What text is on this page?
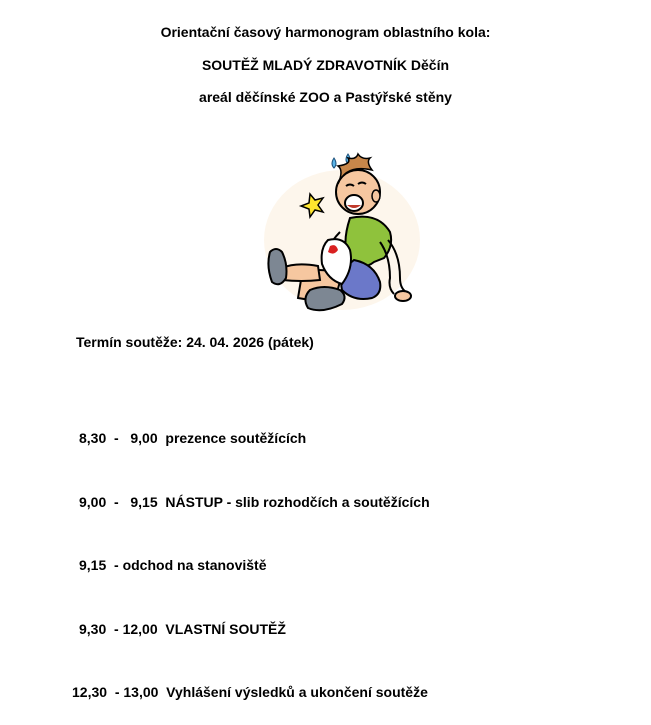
Orientační časový harmonogram oblastního kola:
SOUTĚŽ MLADÝ ZDRAVOTNÍK Děčín
areál děčínské ZOO a Pastýřské stěny
Termín soutěže: 24. 04. 2026 (pátek)
8,30  -   9,00  prezence soutěžících
9,00  -   9,15  NÁSTUP - slib rozhodčích a soutěžících
9,15  - odchod na stanoviště
9,30  - 12,00  VLASTNÍ SOUTĚŽ
12,30  - 13,00  Vyhlášení výsledků a ukončení soutěže
